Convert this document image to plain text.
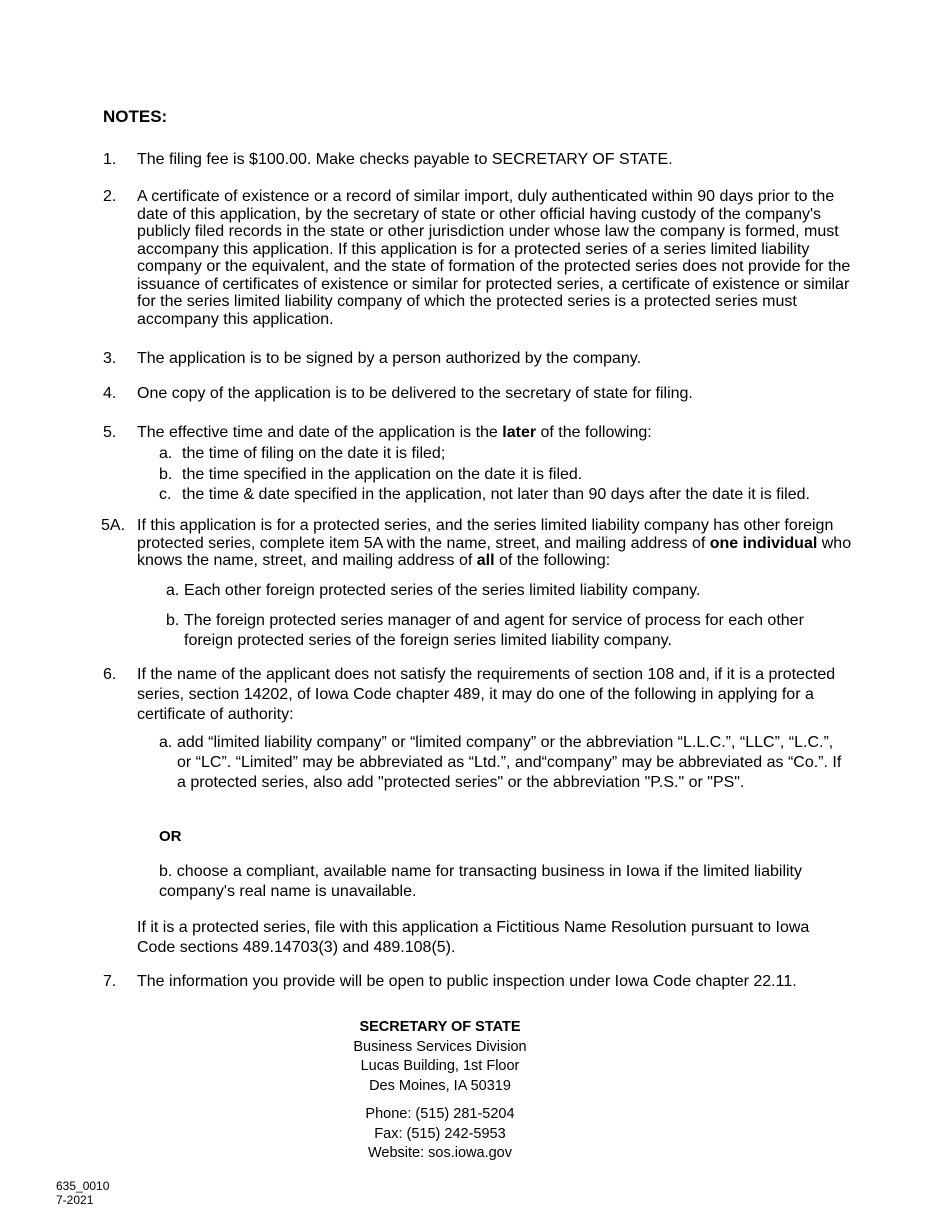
NOTES:
1. The filing fee is $100.00. Make checks payable to SECRETARY OF STATE.
2. A certificate of existence or a record of similar import, duly authenticated within 90 days prior to the date of this application, by the secretary of state or other official having custody of the company's publicly filed records in the state or other jurisdiction under whose law the company is formed, must accompany this application. If this application is for a protected series of a series limited liability company or the equivalent, and the state of formation of the protected series does not provide for the issuance of certificates of existence or similar for protected series, a certificate of existence or similar for the series limited liability company of which the protected series is a protected series must accompany this application.
3. The application is to be signed by a person authorized by the company.
4. One copy of the application is to be delivered to the secretary of state for filing.
5. The effective time and date of the application is the later of the following:
a. the time of filing on the date it is filed;
b. the time specified in the application on the date it is filed.
c. the time & date specified in the application, not later than 90 days after the date it is filed.
5A. If this application is for a protected series, and the series limited liability company has other foreign protected series, complete item 5A with the name, street, and mailing address of one individual who knows the name, street, and mailing address of all of the following:
a. Each other foreign protected series of the series limited liability company.
b. The foreign protected series manager of and agent for service of process for each other foreign protected series of the foreign series limited liability company.
6. If the name of the applicant does not satisfy the requirements of section 108 and, if it is a protected series, section 14202, of Iowa Code chapter 489, it may do one of the following in applying for a certificate of authority:
a. add “limited liability company” or “limited company” or the abbreviation “L.L.C.”, “LLC”, “L.C.”, or “LC”. “Limited” may be abbreviated as “Ltd.”, and“company” may be abbreviated as “Co.”. If a protected series, also add "protected series" or the abbreviation "P.S." or "PS".
OR
b. choose a compliant, available name for transacting business in Iowa if the limited liability company's real name is unavailable.
If it is a protected series, file with this application a Fictitious Name Resolution pursuant to Iowa Code sections 489.14703(3) and 489.108(5).
7. The information you provide will be open to public inspection under Iowa Code chapter 22.11.
SECRETARY OF STATE
Business Services Division
Lucas Building, 1st Floor
Des Moines, IA 50319
Phone: (515) 281-5204
Fax: (515) 242-5953
Website: sos.iowa.gov
635_0010
7-2021
